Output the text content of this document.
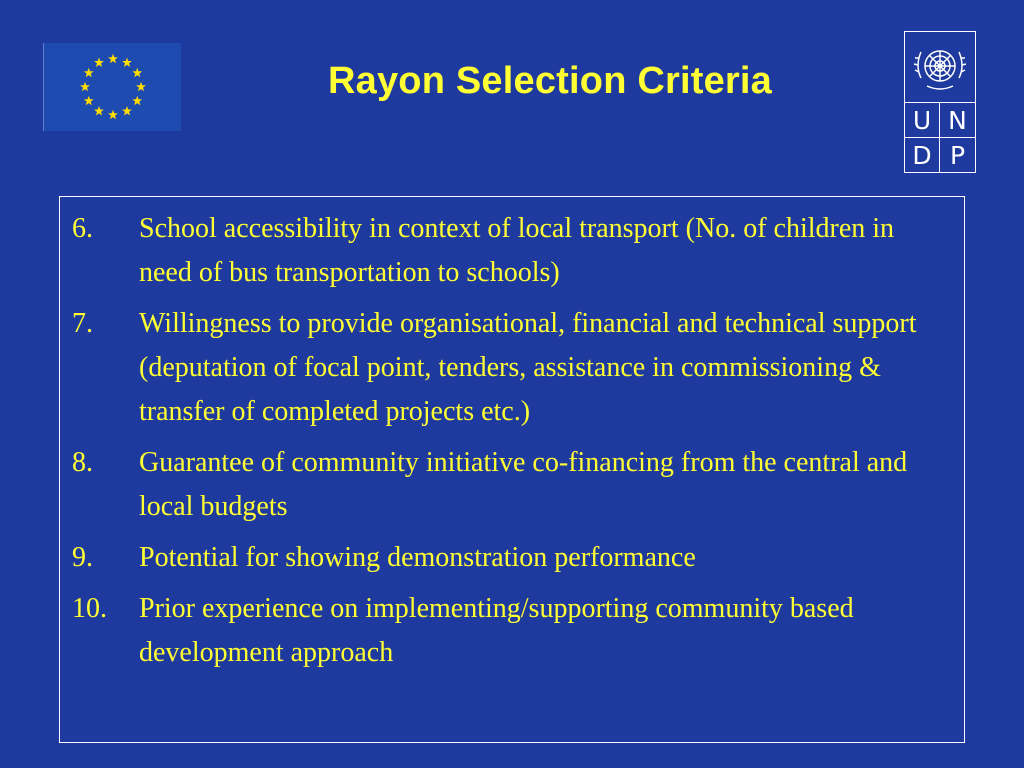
Rayon Selection Criteria
U N
D P
6.	School accessibility in context of local transport (No. of children in need of bus transportation to schools)
7.	Willingness to provide organisational, financial and technical support (deputation of focal point, tenders, assistance in commissioning & transfer of completed projects etc.)
8.	Guarantee of community initiative co-financing from the central and local budgets
9.	Potential for showing demonstration performance
10.	Prior experience on implementing/supporting community based development approach
